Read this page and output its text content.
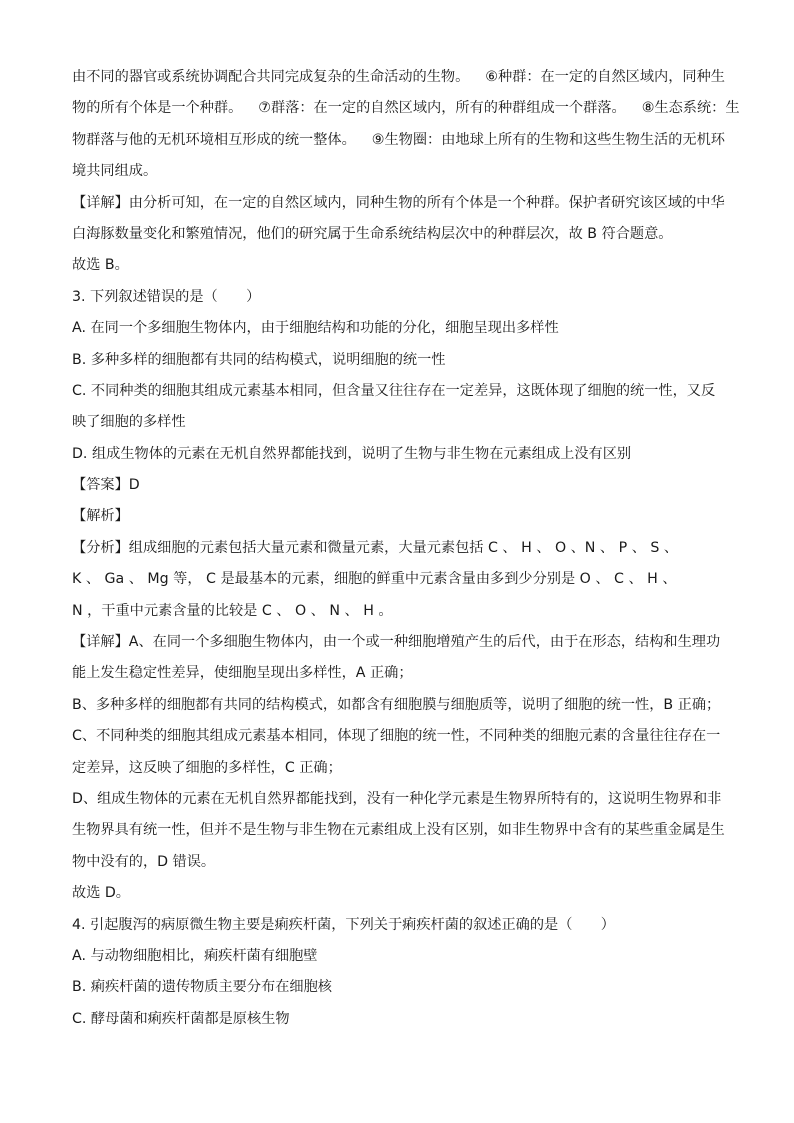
由不同的器官或系统协调配合共同完成复杂的生命活动的生物。 ⑥种群：在一定的自然区域内，同种生
物的所有个体是一个种群。 ⑦群落：在一定的自然区域内，所有的种群组成一个群落。 ⑧生态系统：生
物群落与他的无机环境相互形成的统一整体。 ⑨生物圈：由地球上所有的生物和这些生物生活的无机环
境共同组成。
【详解】由分析可知，在一定的自然区域内，同种生物的所有个体是一个种群。保护者研究该区域的中华
白海豚数量变化和繁殖情况，他们的研究属于生命系统结构层次中的种群层次，故 B 符合题意。
故选 B。
3. 下列叙述错误的是（　　）
A. 在同一个多细胞生物体内，由于细胞结构和功能的分化，细胞呈现出多样性
B. 多种多样的细胞都有共同的结构模式，说明细胞的统一性
C. 不同种类的细胞其组成元素基本相同，但含量又往往存在一定差异，这既体现了细胞的统一性，又反
映了细胞的多样性
D. 组成生物体的元素在无机自然界都能找到，说明了生物与非生物在元素组成上没有区别
【答案】D
【解析】
【分析】组成细胞的元素包括大量元素和微量元素，大量元素包括 C 、 H 、 O 、N 、 P 、 S 、
K 、 Ga 、 Mg 等， C 是最基本的元素，细胞的鲜重中元素含量由多到少分别是 O 、 C 、 H 、
N ，干重中元素含量的比较是 C 、 O 、 N 、 H 。
【详解】A、在同一个多细胞生物体内，由一个或一种细胞增殖产生的后代，由于在形态，结构和生理功
能上发生稳定性差异，使细胞呈现出多样性，A 正确；
B、多种多样的细胞都有共同的结构模式，如都含有细胞膜与细胞质等，说明了细胞的统一性，B 正确；
C、不同种类的细胞其组成元素基本相同，体现了细胞的统一性，不同种类的细胞元素的含量往往存在一
定差异，这反映了细胞的多样性，C 正确；
D、组成生物体的元素在无机自然界都能找到，没有一种化学元素是生物界所特有的，这说明生物界和非
生物界具有统一性，但并不是生物与非生物在元素组成上没有区别，如非生物界中含有的某些重金属是生
物中没有的，D 错误。
故选 D。
4. 引起腹泻的病原微生物主要是痢疾杆菌，下列关于痢疾杆菌的叙述正确的是（　　）
A. 与动物细胞相比，痢疾杆菌有细胞壁
B. 痢疾杆菌的遗传物质主要分布在细胞核
C. 酵母菌和痢疾杆菌都是原核生物
